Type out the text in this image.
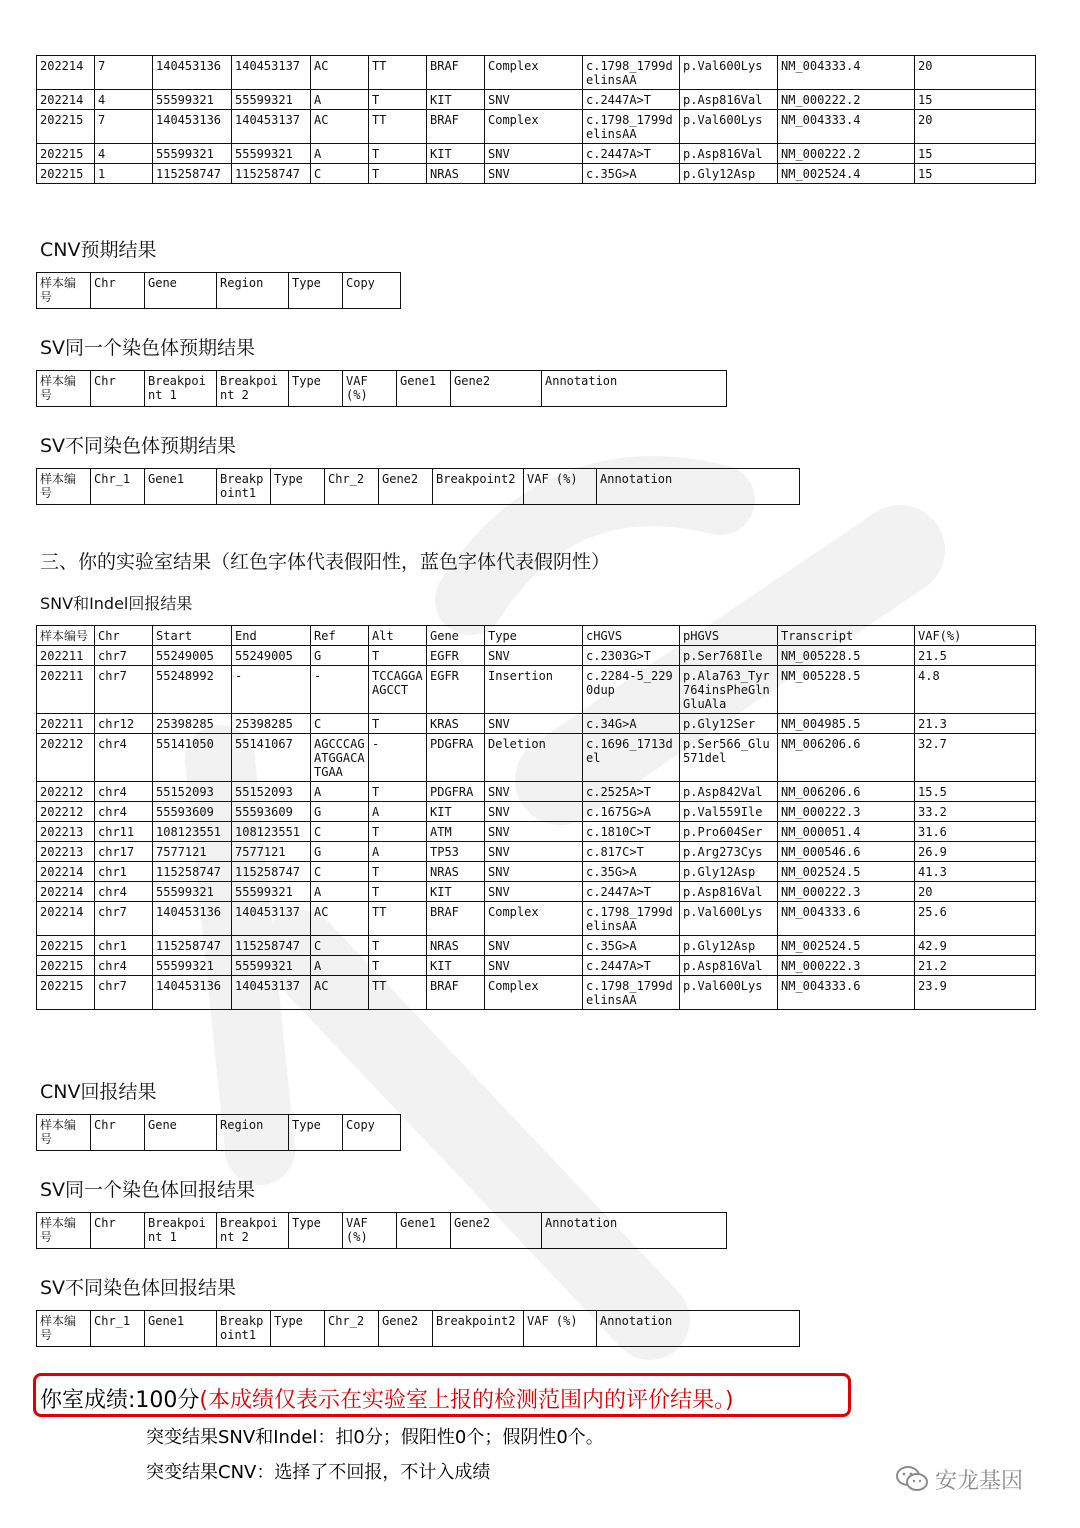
202214	7	140453136	140453137	AC	TT	BRAF	Complex	c.1798_1799delinsAA	p.Val600Lys	NM_004333.4	20
202214	4	55599321	55599321	A	T	KIT	SNV	c.2447A>T	p.Asp816Val	NM_000222.2	15
202215	7	140453136	140453137	AC	TT	BRAF	Complex	c.1798_1799delinsAA	p.Val600Lys	NM_004333.4	20
202215	4	55599321	55599321	A	T	KIT	SNV	c.2447A>T	p.Asp816Val	NM_000222.2	15
202215	1	115258747	115258747	C	T	NRAS	SNV	c.35G>A	p.Gly12Asp	NM_002524.4	15
CNV预期结果
样本编号	Chr	Gene	Region	Type	Copy
SV同一个染色体预期结果
样本编号	Chr	Breakpoint 1	Breakpoint 2	Type	VAF (%)	Gene1	Gene2	Annotation
SV不同染色体预期结果
样本编号	Chr_1	Gene1	Breakpoint1	Type	Chr_2	Gene2	Breakpoint2	VAF (%)	Annotation
三、你的实验室结果（红色字体代表假阳性，蓝色字体代表假阴性）
SNV和Indel回报结果
样本编号	Chr	Start	End	Ref	Alt	Gene	Type	cHGVS	pHGVS	Transcript	VAF(%)
202211	chr7	55249005	55249005	G	T	EGFR	SNV	c.2303G>T	p.Ser768Ile	NM_005228.5	21.5
202211	chr7	55248992	-	-	TCCAGGAAGCCT	EGFR	Insertion	c.2284-5_2290dup	p.Ala763_Tyr764insPheGlnGluAla	NM_005228.5	4.8
202211	chr12	25398285	25398285	C	T	KRAS	SNV	c.34G>A	p.Gly12Ser	NM_004985.5	21.3
202212	chr4	55141050	55141067	AGCCCAGATGGACATGAA	-	PDGFRA	Deletion	c.1696_1713del	p.Ser566_Glu571del	NM_006206.6	32.7
202212	chr4	55152093	55152093	A	T	PDGFRA	SNV	c.2525A>T	p.Asp842Val	NM_006206.6	15.5
202212	chr4	55593609	55593609	G	A	KIT	SNV	c.1675G>A	p.Val559Ile	NM_000222.3	33.2
202213	chr11	108123551	108123551	C	T	ATM	SNV	c.1810C>T	p.Pro604Ser	NM_000051.4	31.6
202213	chr17	7577121	7577121	G	A	TP53	SNV	c.817C>T	p.Arg273Cys	NM_000546.6	26.9
202214	chr1	115258747	115258747	C	T	NRAS	SNV	c.35G>A	p.Gly12Asp	NM_002524.5	41.3
202214	chr4	55599321	55599321	A	T	KIT	SNV	c.2447A>T	p.Asp816Val	NM_000222.3	20
202214	chr7	140453136	140453137	AC	TT	BRAF	Complex	c.1798_1799delinsAA	p.Val600Lys	NM_004333.6	25.6
202215	chr1	115258747	115258747	C	T	NRAS	SNV	c.35G>A	p.Gly12Asp	NM_002524.5	42.9
202215	chr4	55599321	55599321	A	T	KIT	SNV	c.2447A>T	p.Asp816Val	NM_000222.3	21.2
202215	chr7	140453136	140453137	AC	TT	BRAF	Complex	c.1798_1799delinsAA	p.Val600Lys	NM_004333.6	23.9
CNV回报结果
样本编号	Chr	Gene	Region	Type	Copy
SV同一个染色体回报结果
样本编号	Chr	Breakpoint 1	Breakpoint 2	Type	VAF (%)	Gene1	Gene2	Annotation
SV不同染色体回报结果
样本编号	Chr_1	Gene1	Breakpoint1	Type	Chr_2	Gene2	Breakpoint2	VAF (%)	Annotation
你室成绩:100分(本成绩仅表示在实验室上报的检测范围内的评价结果。)
突变结果SNV和Indel：扣0分；假阳性0个；假阴性0个。
突变结果CNV：选择了不回报，不计入成绩	安龙基因
